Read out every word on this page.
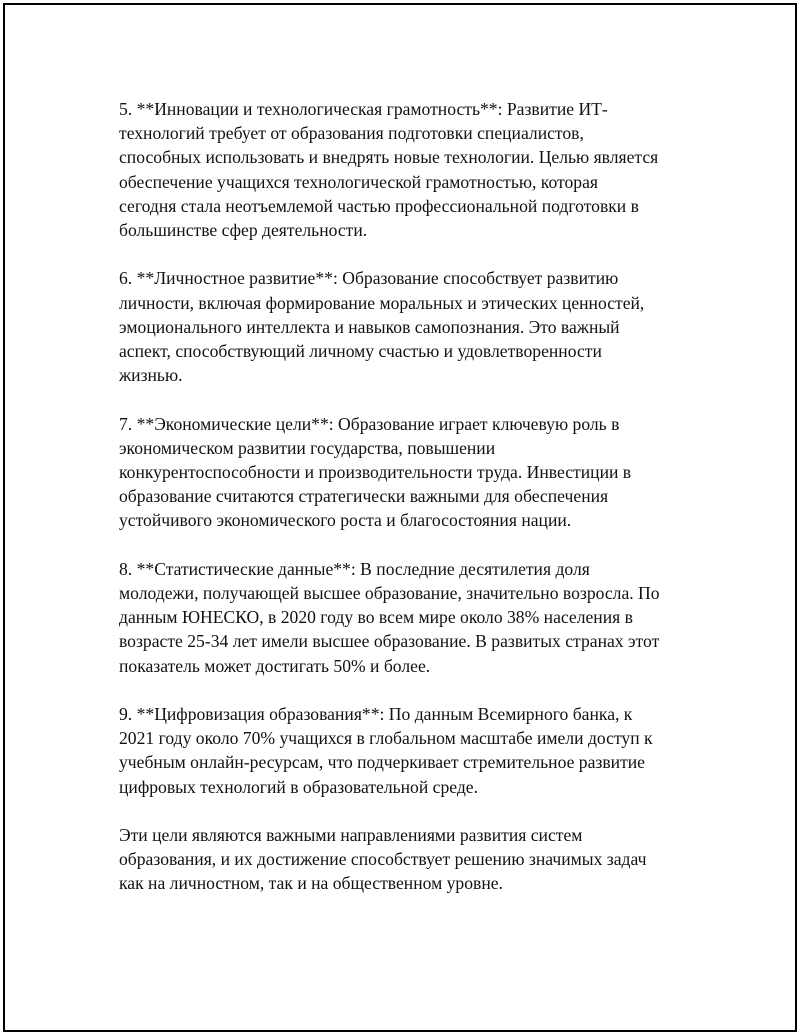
5. **Инновации и технологическая грамотность**: Развитие ИТ-
технологий требует от образования подготовки специалистов,
способных использовать и внедрять новые технологии. Целью является
обеспечение учащихся технологической грамотностью, которая
сегодня стала неотъемлемой частью профессиональной подготовки в
большинстве сфер деятельности.

6. **Личностное развитие**: Образование способствует развитию
личности, включая формирование моральных и этических ценностей,
эмоционального интеллекта и навыков самопознания. Это важный
аспект, способствующий личному счастью и удовлетворенности
жизнью.

7. **Экономические цели**: Образование играет ключевую роль в
экономическом развитии государства, повышении
конкурентоспособности и производительности труда. Инвестиции в
образование считаются стратегически важными для обеспечения
устойчивого экономического роста и благосостояния нации.

8. **Статистические данные**: В последние десятилетия доля
молодежи, получающей высшее образование, значительно возросла. По
данным ЮНЕСКО, в 2020 году во всем мире около 38% населения в
возрасте 25-34 лет имели высшее образование. В развитых странах этот
показатель может достигать 50% и более.

9. **Цифровизация образования**: По данным Всемирного банка, к
2021 году около 70% учащихся в глобальном масштабе имели доступ к
учебным онлайн-ресурсам, что подчеркивает стремительное развитие
цифровых технологий в образовательной среде.

Эти цели являются важными направлениями развития систем
образования, и их достижение способствует решению значимых задач
как на личностном, так и на общественном уровне.
